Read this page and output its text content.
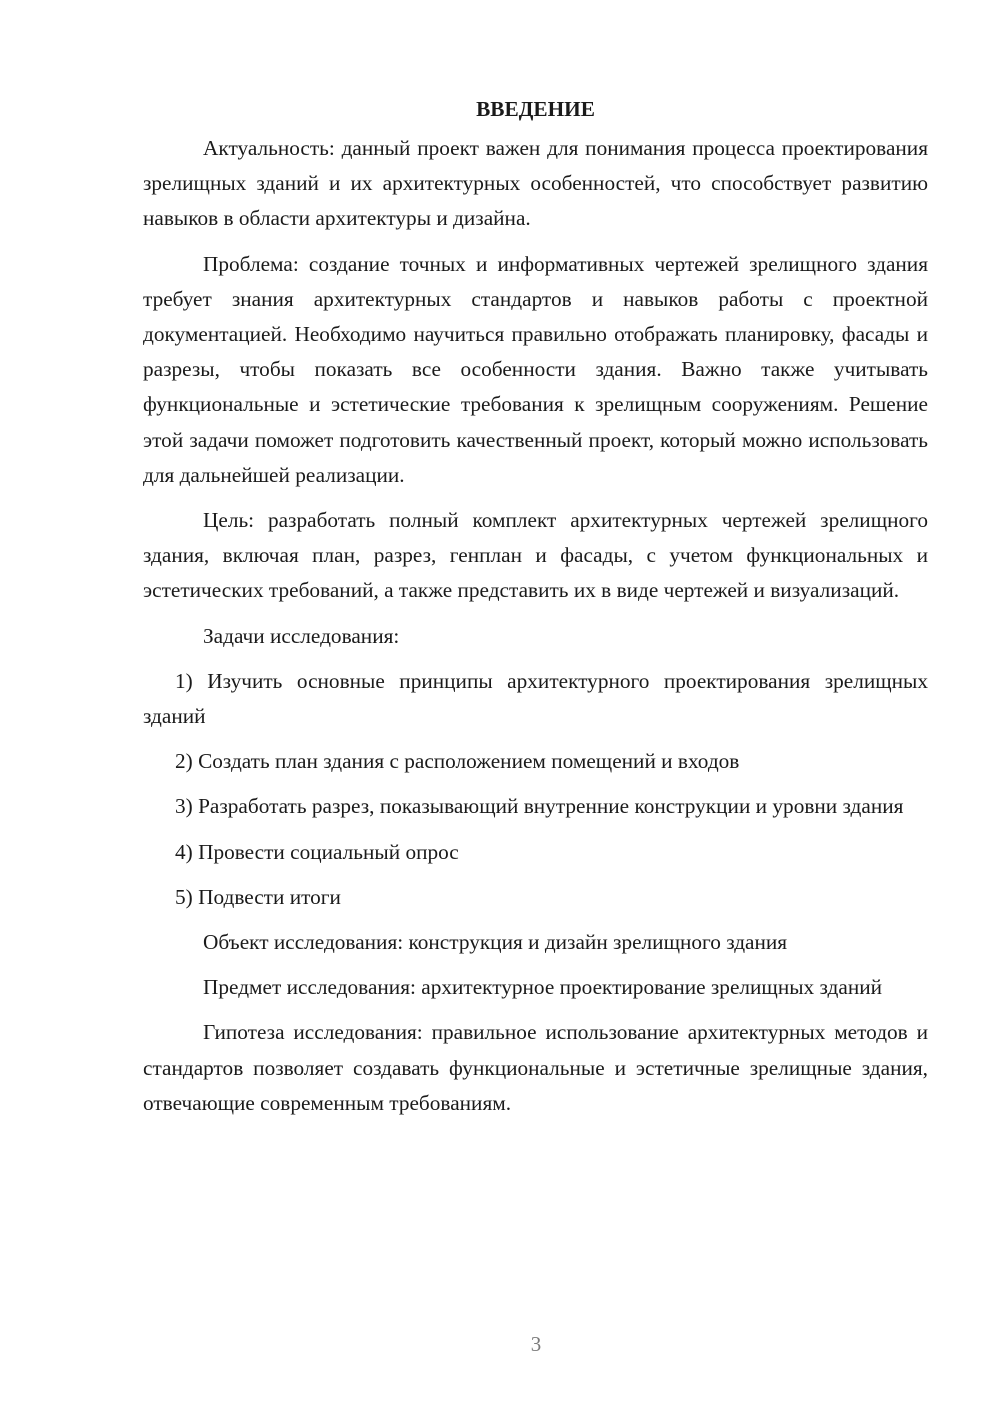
ВВЕДЕНИЕ

Актуальность: данный проект важен для понимания процесса проектирования зрелищных зданий и их архитектурных особенностей, что способствует развитию навыков в области архитектуры и дизайна.

Проблема: создание точных и информативных чертежей зрелищного здания требует знания архитектурных стандартов и навыков работы с проектной документацией. Необходимо научиться правильно отображать планировку, фасады и разрезы, чтобы показать все особенности здания. Важно также учитывать функциональные и эстетические требования к зрелищным сооружениям. Решение этой задачи поможет подготовить качественный проект, который можно использовать для дальнейшей реализации.

Цель: разработать полный комплект архитектурных чертежей зрелищного здания, включая план, разрез, генплан и фасады, с учетом функциональных и эстетических требований, а также представить их в виде чертежей и визуализаций.

Задачи исследования:

1) Изучить основные принципы архитектурного проектирования зрелищных зданий

2) Создать план здания с расположением помещений и входов

3) Разработать разрез, показывающий внутренние конструкции и уровни здания

4) Провести социальный опрос

5) Подвести итоги

Объект исследования: конструкция и дизайн зрелищного здания

Предмет исследования: архитектурное проектирование зрелищных зданий

Гипотеза исследования: правильное использование архитектурных методов и стандартов позволяет создавать функциональные и эстетичные зрелищные здания, отвечающие современным требованиям.

3
